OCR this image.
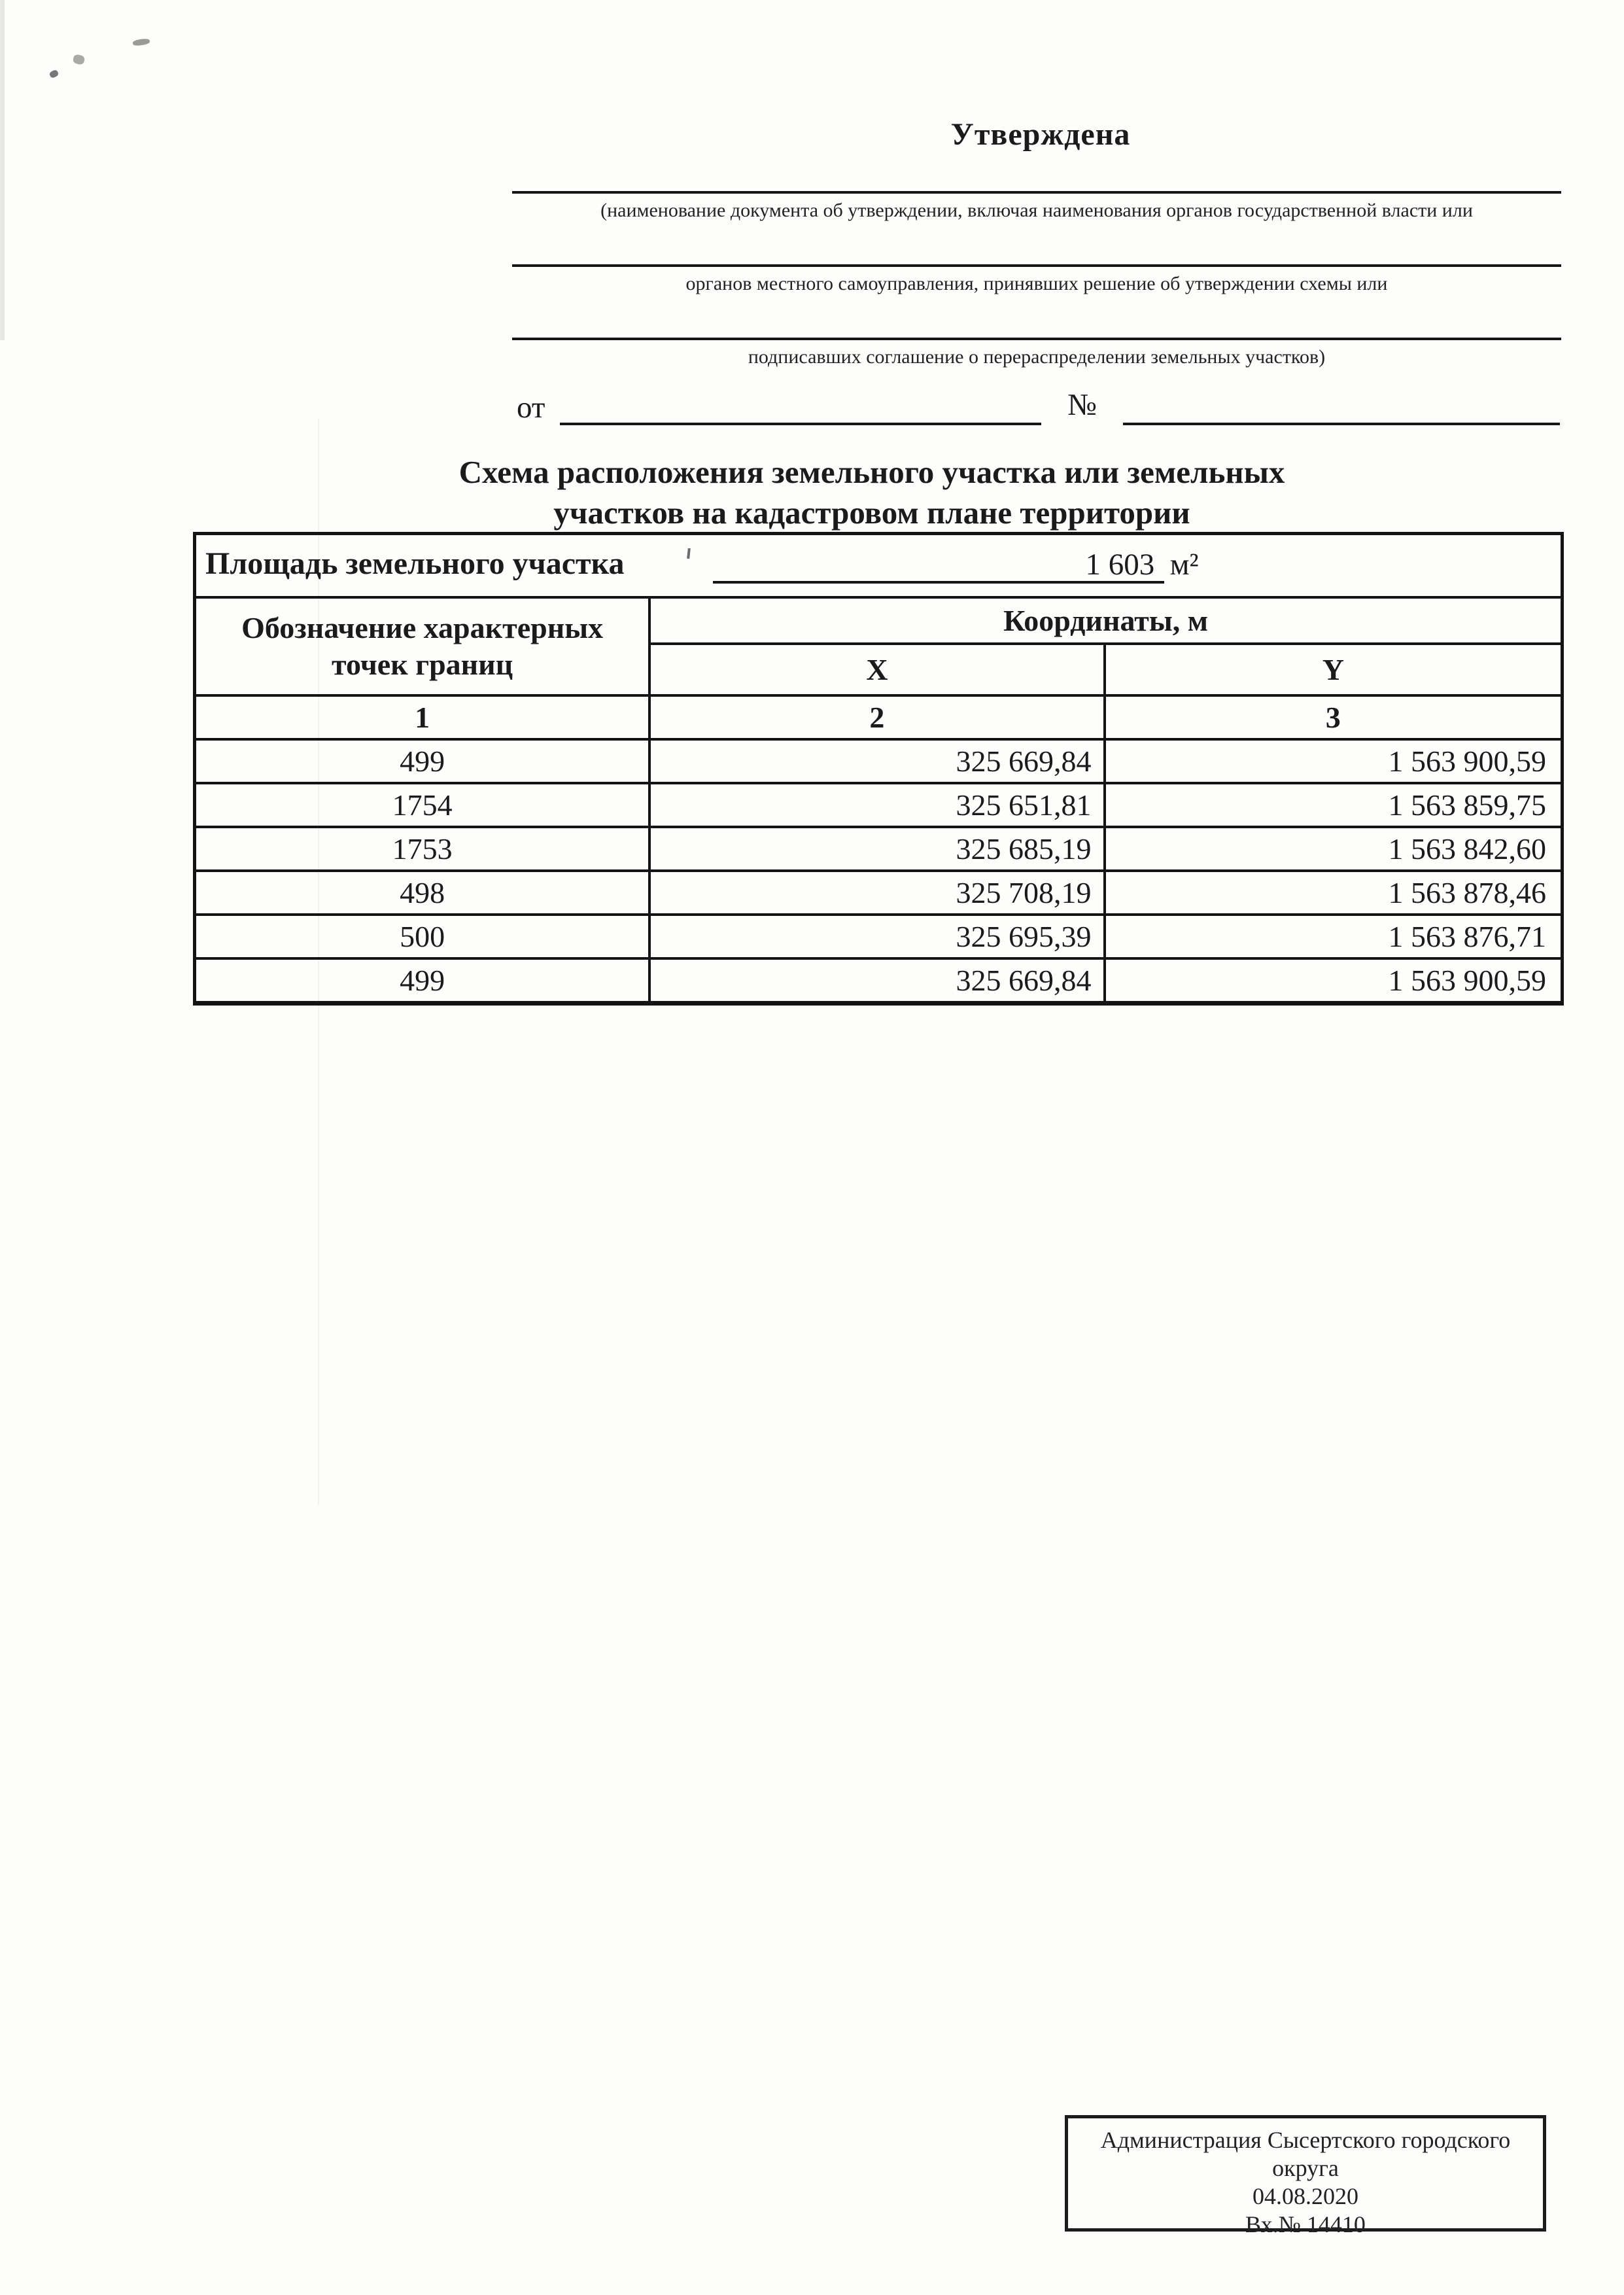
Утверждена
(наименование документа об утверждении, включая наименования органов государственной власти или
органов местного самоуправления, принявших решение об утверждении схемы или
подписавших соглашение о перераспределении земельных участков)
от	№
Схема расположения земельного участка или земельных
участков на кадастровом плане территории
Площадь земельного участка	1 603 м²
Обозначение характерных
точек границ
Координаты, м
X	Y
1	2	3
499	325 669,84	1 563 900,59
1754	325 651,81	1 563 859,75
1753	325 685,19	1 563 842,60
498	325 708,19	1 563 878,46
500	325 695,39	1 563 876,71
499	325 669,84	1 563 900,59
Администрация Сысертского городского
округа
04.08.2020
Вх.№ 14410
